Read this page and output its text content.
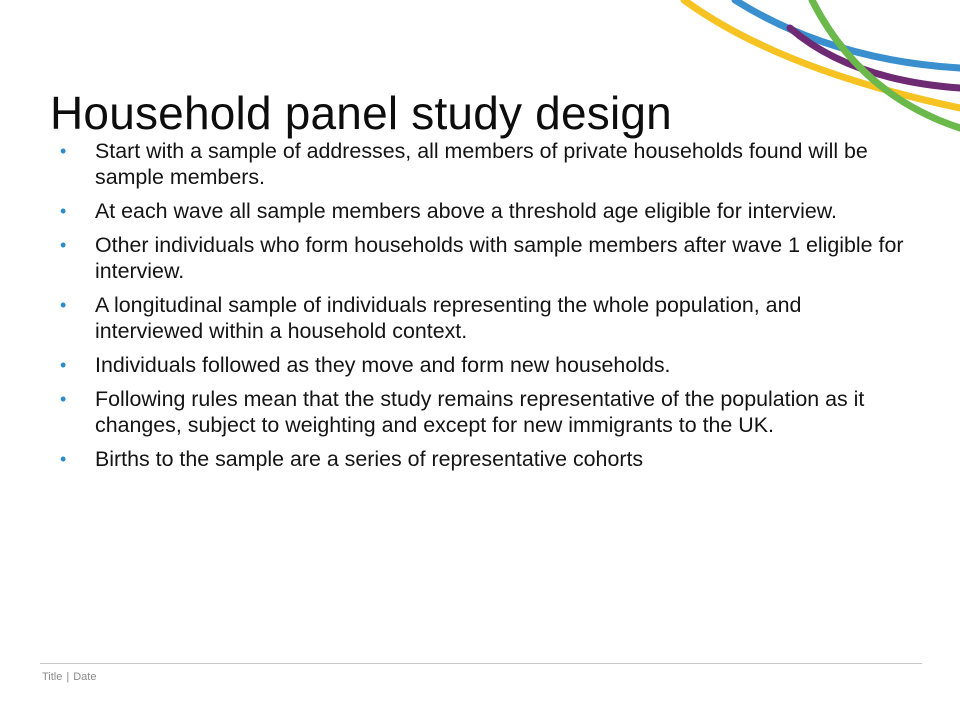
Household panel study design
• Start with a sample of addresses, all members of private households found will be sample members.
• At each wave all sample members above a threshold age eligible for interview.
• Other individuals who form households with sample members after wave 1 eligible for interview.
• A longitudinal sample of individuals representing the whole population, and interviewed within a household context.
• Individuals followed as they move and form new households.
• Following rules mean that the study remains representative of the population as it changes, subject to weighting and except for new immigrants to the UK.
• Births to the sample are a series of representative cohorts
Title | Date
